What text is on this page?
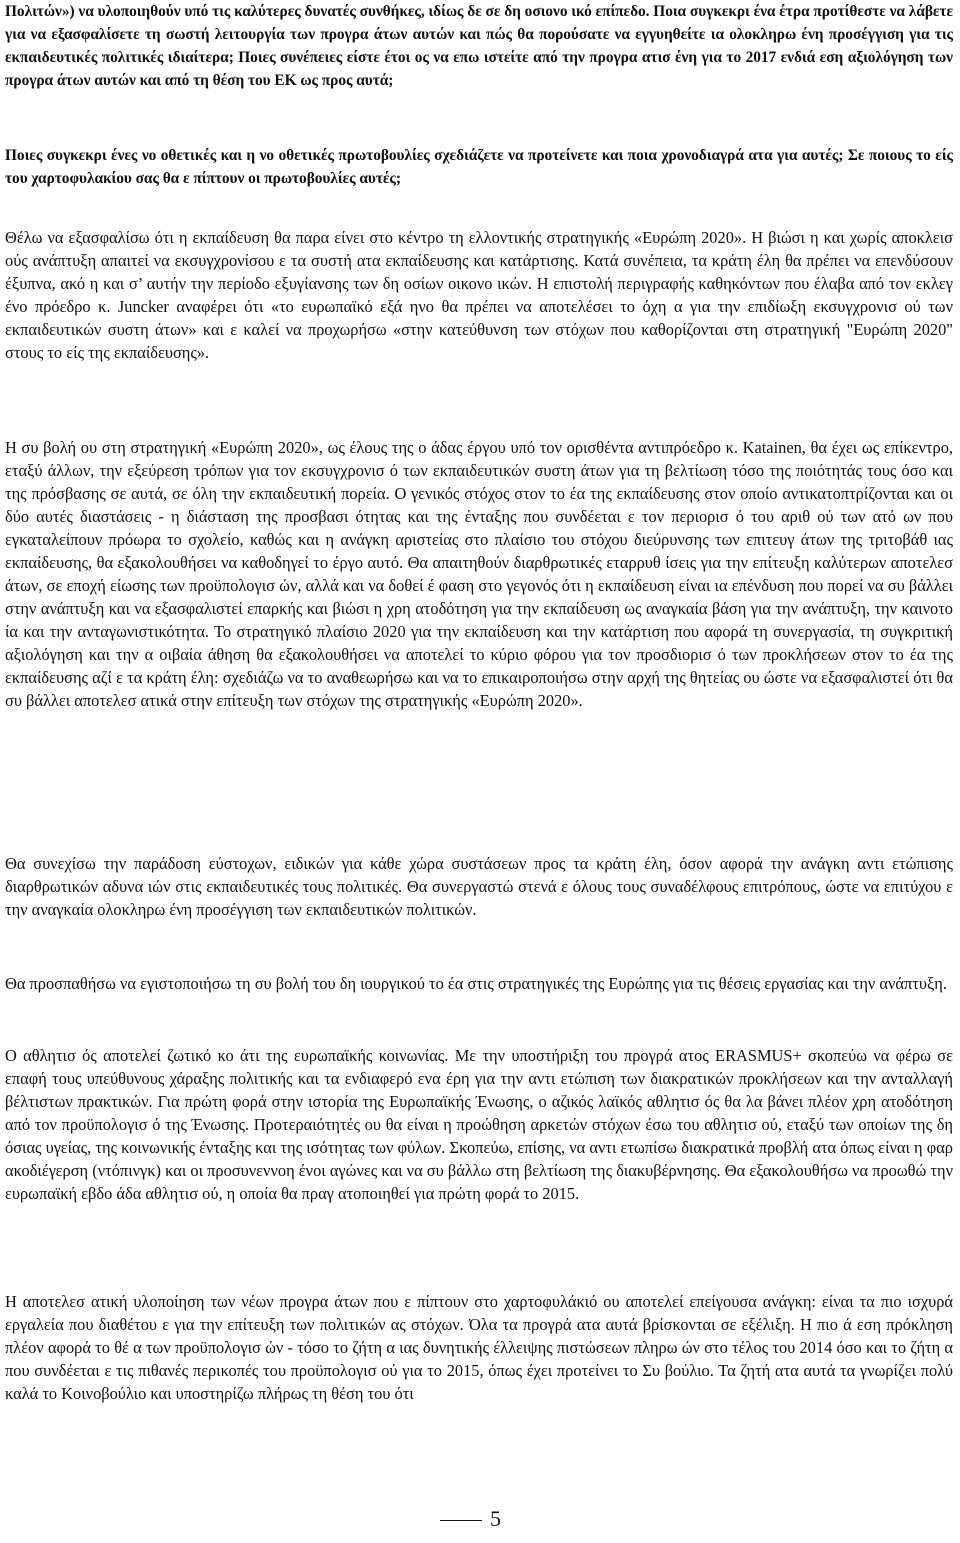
Πολιτών») να υλοποιηθούν υπό τις καλύτερες δυνατές συνθήκες, ιδίως δε σε δη οσιονο ικό επίπεδο. Ποια συγκεκρι ένα έτρα προτίθεστε να λάβετε για να εξασφαλίσετε τη σωστή λειτουργία των προγρα άτων αυτών και πώς θα πορούσατε να εγγυηθείτε ια ολοκληρω ένη προσέγγιση για τις εκπαιδευτικές πολιτικές ιδιαίτερα; Ποιες συνέπειες είστε έτοι ος να επω ιστείτε από την προγρα ατισ ένη για το 2017 ενδιά εση αξιολόγηση των προγρα άτων αυτών και από τη θέση του ΕΚ ως προς αυτά;

Ποιες συγκεκρι ένες νο οθετικές και η νο οθετικές πρωτοβουλίες σχεδιάζετε να προτείνετε και ποια χρονοδιαγρά ατα για αυτές; Σε ποιους το είς του χαρτοφυλακίου σας θα ε πίπτουν οι πρωτοβουλίες αυτές;

Θέλω να εξασφαλίσω ότι η εκπαίδευση θα παρα είνει στο κέντρο τη ελλοντικής στρατηγικής «Ευρώπη 2020». Η βιώσι η και χωρίς αποκλεισ ούς ανάπτυξη απαιτεί να εκσυγχρονίσου ε τα συστή ατα εκπαίδευσης και κατάρτισης. Κατά συνέπεια, τα κράτη έλη θα πρέπει να επενδύσουν έξυπνα, ακό η και σ’ αυτήν την περίοδο εξυγίανσης των δη οσίων οικονο ικών. Η επιστολή περιγραφής καθηκόντων που έλαβα από τον εκλεγ ένο πρόεδρο κ. Juncker αναφέρει ότι «το ευρωπαϊκό εξά ηνο θα πρέπει να αποτελέσει το όχη α για την επιδίωξη εκσυγχρονισ ού των εκπαιδευτικών συστη άτων» και ε καλεί να προχωρήσω «στην κατεύθυνση των στόχων που καθορίζονται στη στρατηγική "Ευρώπη 2020" στους το είς της εκπαίδευσης».

Η συ βολή ου στη στρατηγική «Ευρώπη 2020», ως έλους της ο άδας έργου υπό τον ορισθέντα αντιπρόεδρο κ. Katainen, θα έχει ως επίκεντρο, εταξύ άλλων, την εξεύρεση τρόπων για τον εκσυγχρονισ ό των εκπαιδευτικών συστη άτων για τη βελτίωση τόσο της ποιότητάς τους όσο και της πρόσβασης σε αυτά, σε όλη την εκπαιδευτική πορεία. Ο γενικός στόχος στον το έα της εκπαίδευσης στον οποίο αντικατοπτρίζονται και οι δύο αυτές διαστάσεις - η διάσταση της προσβασι ότητας και της ένταξης που συνδέεται ε τον περιορισ ό του αριθ ού των ατό ων που εγκαταλείπουν πρόωρα το σχολείο, καθώς και η ανάγκη αριστείας στο πλαίσιο του στόχου διεύρυνσης των επιτευγ άτων της τριτοβάθ ιας εκπαίδευσης, θα εξακολουθήσει να καθοδηγεί το έργο αυτό. Θα απαιτηθούν διαρθρωτικές εταρρυθ ίσεις για την επίτευξη καλύτερων αποτελεσ άτων, σε εποχή είωσης των προϋπολογισ ών, αλλά και να δοθεί έ φαση στο γεγονός ότι η εκπαίδευση είναι ια επένδυση που πορεί να συ βάλλει στην ανάπτυξη και να εξασφαλιστεί επαρκής και βιώσι η χρη ατοδότηση για την εκπαίδευση ως αναγκαία βάση για την ανάπτυξη, την καινοτο ία και την ανταγωνιστικότητα. Το στρατηγικό πλαίσιο 2020 για την εκπαίδευση και την κατάρτιση που αφορά τη συνεργασία, τη συγκριτική αξιολόγηση και την α οιβαία άθηση θα εξακολουθήσει να αποτελεί το κύριο φόρου για τον προσδιορισ ό των προκλήσεων στον το έα της εκπαίδευσης αζί ε τα κράτη έλη: σχεδιάζω να το αναθεωρήσω και να το επικαιροποιήσω στην αρχή της θητείας ου ώστε να εξασφαλιστεί ότι θα συ βάλλει αποτελεσ ατικά στην επίτευξη των στόχων της στρατηγικής «Ευρώπη 2020».

Θα συνεχίσω την παράδοση εύστοχων, ειδικών για κάθε χώρα συστάσεων προς τα κράτη έλη, όσον αφορά την ανάγκη αντι ετώπισης διαρθρωτικών αδυνα ιών στις εκπαιδευτικές τους πολιτικές. Θα συνεργαστώ στενά ε όλους τους συναδέλφους επιτρόπους, ώστε να επιτύχου ε την αναγκαία ολοκληρω ένη προσέγγιση των εκπαιδευτικών πολιτικών.

Θα προσπαθήσω να εγιστοποιήσω τη συ βολή του δη ιουργικού το έα στις στρατηγικές της Ευρώπης για τις θέσεις εργασίας και την ανάπτυξη.

Ο αθλητισ ός αποτελεί ζωτικό κο άτι της ευρωπαϊκής κοινωνίας. Με την υποστήριξη του προγρά ατος ERASMUS+ σκοπεύω να φέρω σε επαφή τους υπεύθυνους χάραξης πολιτικής και τα ενδιαφερό ενα έρη για την αντι ετώπιση των διακρατικών προκλήσεων και την ανταλλαγή βέλτιστων πρακτικών. Για πρώτη φορά στην ιστορία της Ευρωπαϊκής Ένωσης, ο αζικός λαϊκός αθλητισ ός θα λα βάνει πλέον χρη ατοδότηση από τον προϋπολογισ ό της Ένωσης. Προτεραιότητές ου θα είναι η προώθηση αρκετών στόχων έσω του αθλητισ ού, εταξύ των οποίων της δη όσιας υγείας, της κοινωνικής ένταξης και της ισότητας των φύλων. Σκοπεύω, επίσης, να αντι ετωπίσω διακρατικά προβλή ατα όπως είναι η φαρ ακοδιέγερση (ντόπινγκ) και οι προσυνεννοη ένοι αγώνες και να συ βάλλω στη βελτίωση της διακυβέρνησης. Θα εξακολουθήσω να προωθώ την ευρωπαϊκή εβδο άδα αθλητισ ού, η οποία θα πραγ ατοποιηθεί για πρώτη φορά το 2015.

Η αποτελεσ ατική υλοποίηση των νέων προγρα άτων που ε πίπτουν στο χαρτοφυλάκιό ου αποτελεί επείγουσα ανάγκη: είναι τα πιο ισχυρά εργαλεία που διαθέτου ε για την επίτευξη των πολιτικών ας στόχων. Όλα τα προγρά ατα αυτά βρίσκονται σε εξέλιξη. Η πιο ά εση πρόκληση πλέον αφορά το θέ α των προϋπολογισ ών - τόσο το ζήτη α ιας δυνητικής έλλειψης πιστώσεων πληρω ών στο τέλος του 2014 όσο και το ζήτη α που συνδέεται ε τις πιθανές περικοπές του προϋπολογισ ού για το 2015, όπως έχει προτείνει το Συ βούλιο. Τα ζητή ατα αυτά τα γνωρίζει πολύ καλά το Κοινοβούλιο και υποστηρίζω πλήρως τη θέση του ότι

5
